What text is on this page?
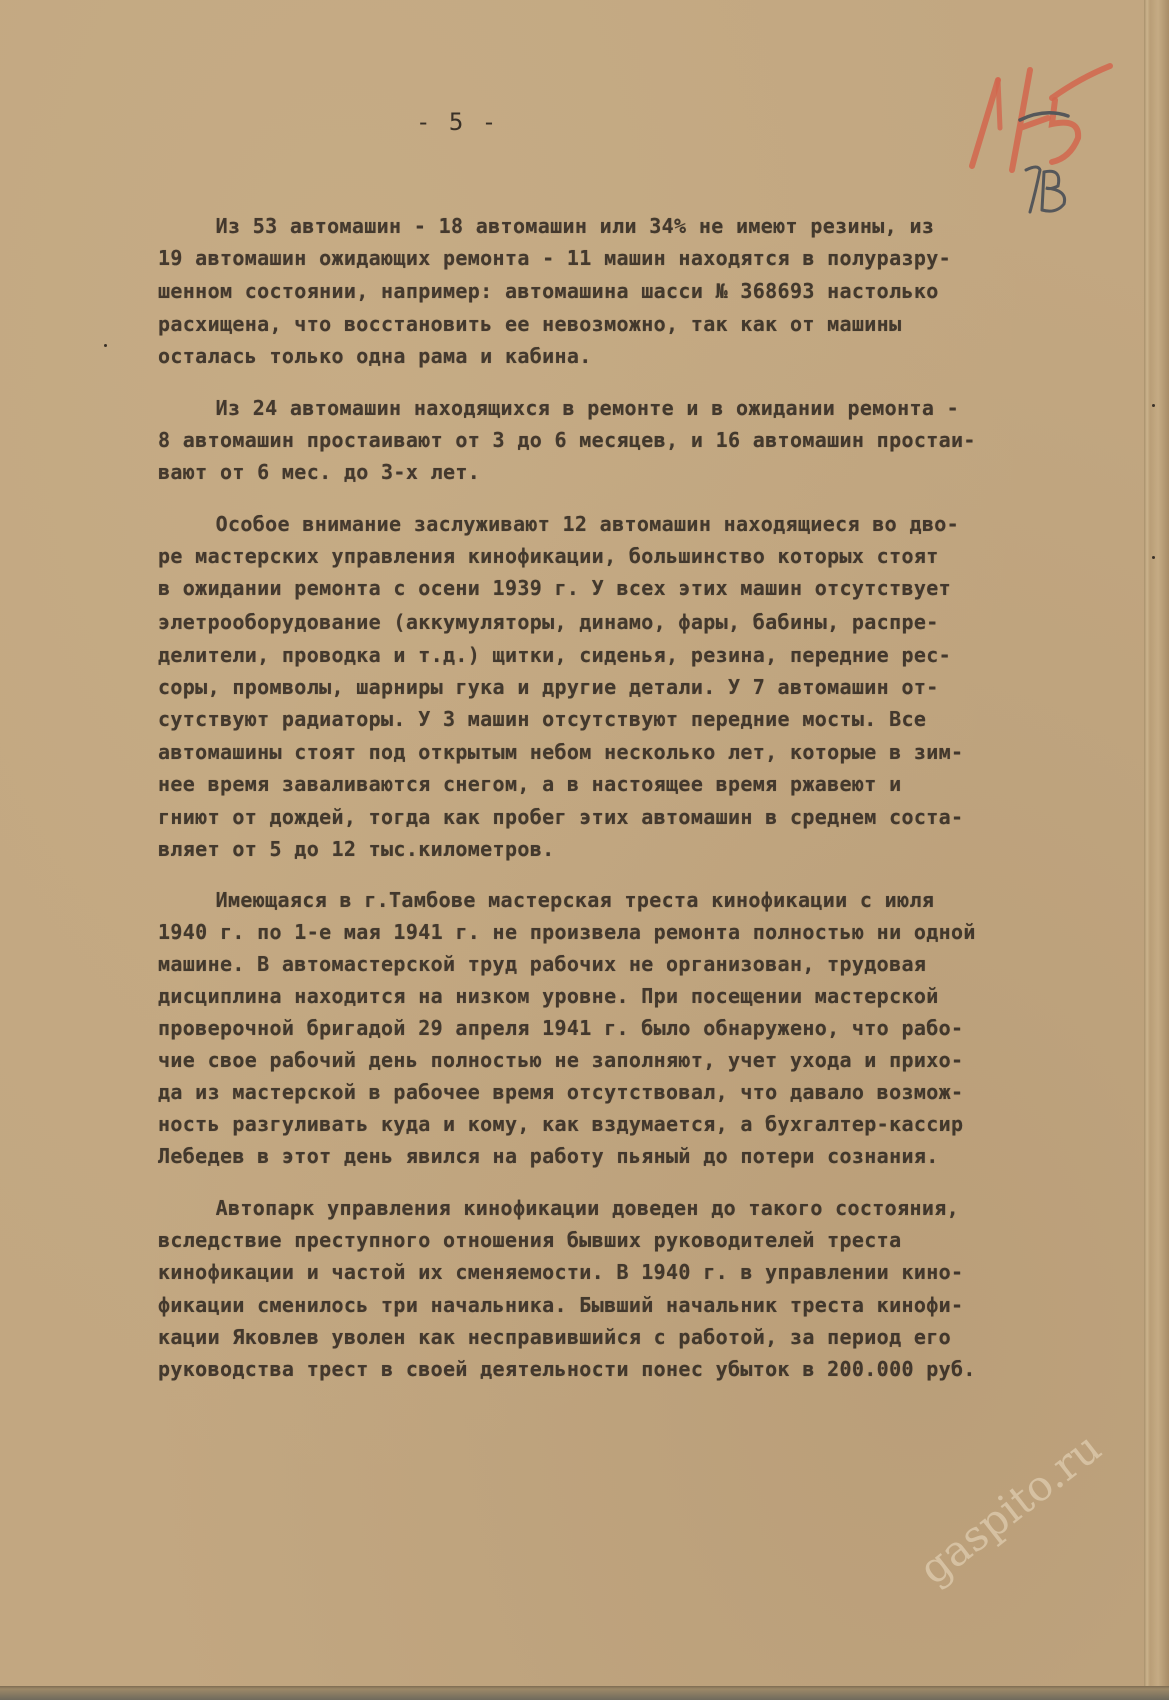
- 5 -
Из 53 автомашин - 18 автомашин или 34% не имеют резины, из
19 автомашин ожидающих ремонта - 11 машин находятся в полуразру-
шенном состоянии, например: автомашина шасси № 368693 настолько
расхищена, что восстановить ее невозможно, так как от машины
осталась только одна рама и кабина.
Из 24 автомашин находящихся в ремонте и в ожидании ремонта -
8 автомашин простаивают от 3 до 6 месяцев, и 16 автомашин простаи-
вают от 6 мес. до 3-х лет.
Особое внимание заслуживают 12 автомашин находящиеся во дво-
ре мастерских управления кинофикации, большинство которых стоят
в ожидании ремонта с осени 1939 г. У всех этих машин отсутствует
элетрооборудование (аккумуляторы, динамо, фары, бабины, распре-
делители, проводка и т.д.) щитки, сиденья, резина, передние рес-
соры, промволы, шарниры гука и другие детали. У 7 автомашин от-
сутствуют радиаторы. У 3 машин отсутствуют передние мосты. Все
автомашины стоят под открытым небом несколько лет, которые в зим-
нее время заваливаются снегом, а в настоящее время ржавеют и
гниют от дождей, тогда как пробег этих автомашин в среднем соста-
вляет от 5 до 12 тыс.километров.
Имеющаяся в г.Тамбове мастерская треста кинофикации с июля
1940 г. по 1-е мая 1941 г. не произвела ремонта полностью ни одной
машине. В автомастерской труд рабочих не организован, трудовая
дисциплина находится на низком уровне. При посещении мастерской
проверочной бригадой 29 апреля 1941 г. было обнаружено, что рабо-
чие свое рабочий день полностью не заполняют, учет ухода и прихо-
да из мастерской в рабочее время отсутствовал, что давало возмож-
ность разгуливать куда и кому, как вздумается, а бухгалтер-кассир
Лебедев в этот день явился на работу пьяный до потери сознания.
Автопарк управления кинофикации доведен до такого состояния,
вследствие преступного отношения бывших руководителей треста
кинофикации и частой их сменяемости. В 1940 г. в управлении кино-
фикации сменилось три начальника. Бывший начальник треста кинофи-
кации Яковлев уволен как несправившийся с работой, за период его
руководства трест в своей деятельности понес убыток в 200.000 руб.
gaspito.ru
